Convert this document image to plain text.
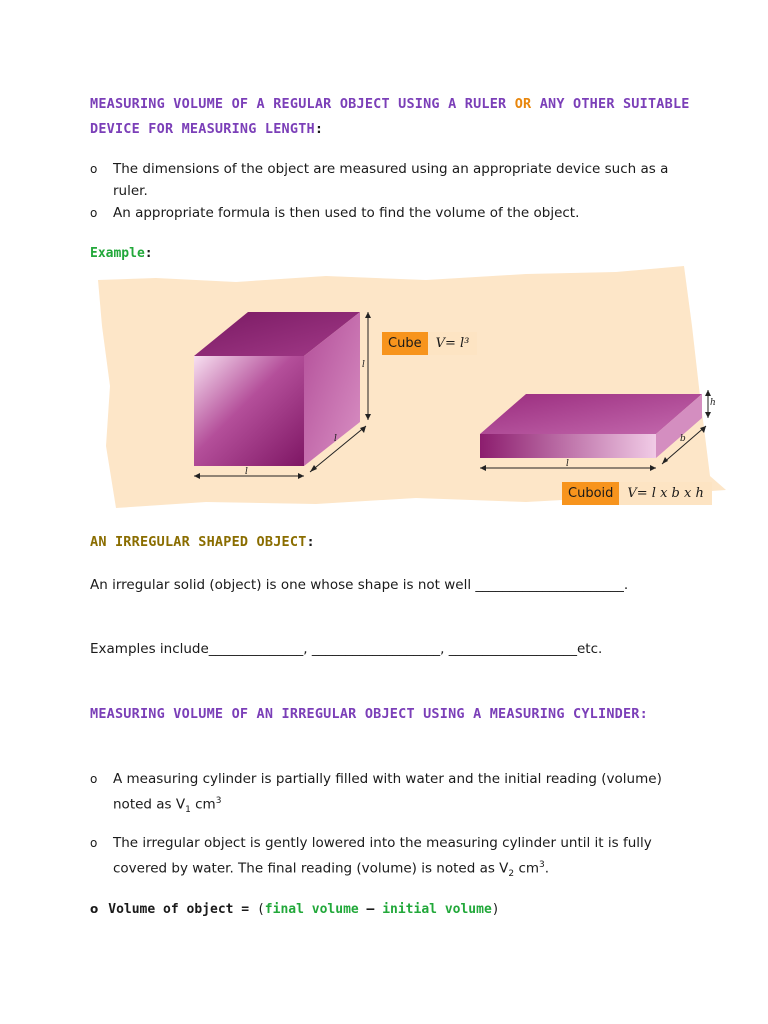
MEASURING VOLUME OF A REGULAR OBJECT USING A RULER OR ANY OTHER SUITABLE DEVICE FOR MEASURING LENGTH:
o The dimensions of the object are measured using an appropriate device such as a ruler.
o An appropriate formula is then used to find the volume of the object.
Example:
l
l
l
l
b
h
Cube V= l³
Cuboid V= l x b x h
AN IRREGULAR SHAPED OBJECT:
An irregular solid (object) is one whose shape is not well ______________________.
Examples include______________, ___________________, ___________________etc.
MEASURING VOLUME OF AN IRREGULAR OBJECT USING A MEASURING CYLINDER:
o A measuring cylinder is partially filled with water and the initial reading (volume) noted as $V_1$ $cm^3$
o The irregular object is gently lowered into the measuring cylinder until it is fully covered by water. The final reading (volume) is noted as $V_2$ $cm^3$.
o Volume of object = (final volume – initial volume)
